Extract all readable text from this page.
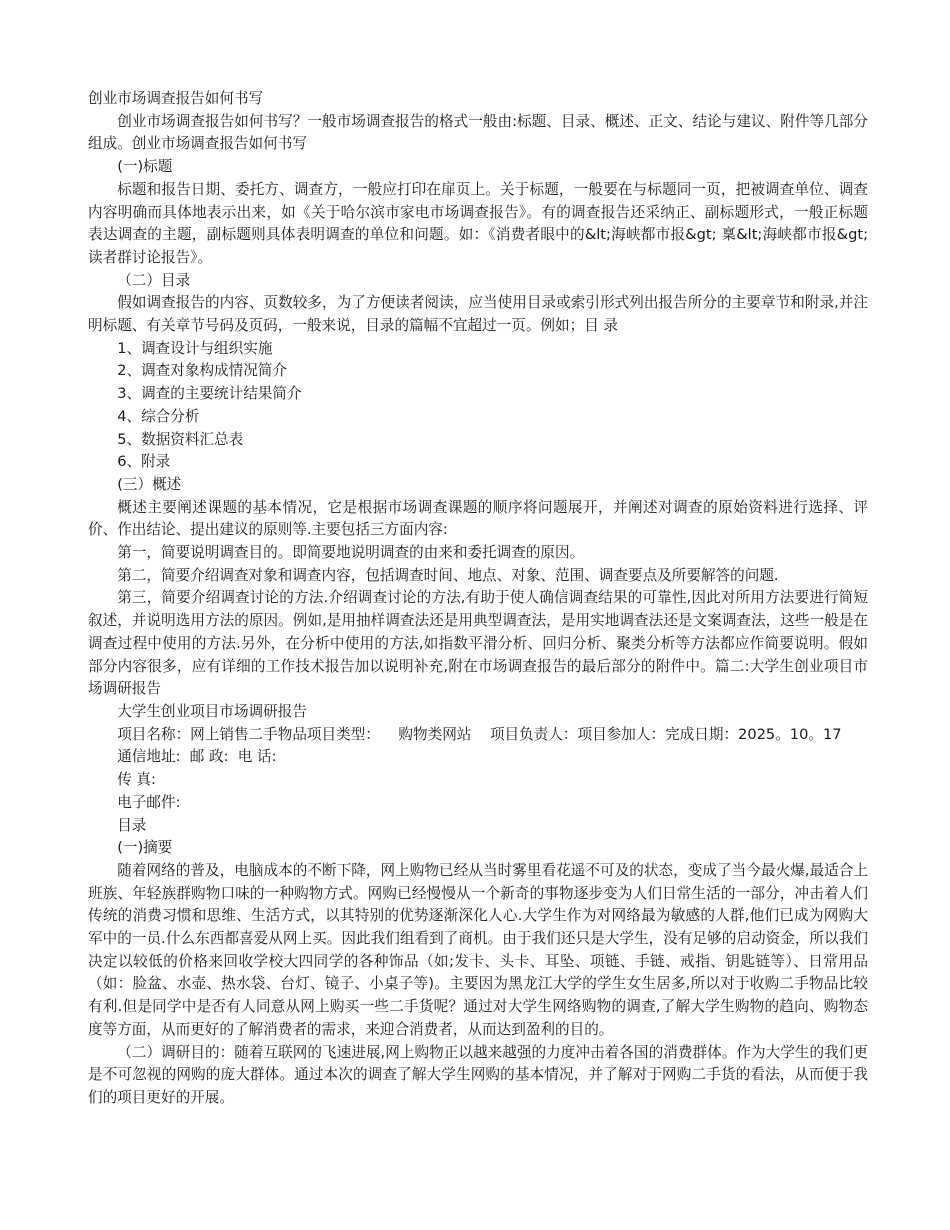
创业市场调查报告如何书写

创业市场调查报告如何书写？一般市场调查报告的格式一般由:标题、目录、概述、正文、结论与建议、附件等几部分组成。创业市场调查报告如何书写

(一)标题

标题和报告日期、委托方、调查方，一般应打印在扉页上。关于标题，一般要在与标题同一页，把被调查单位、调查内容明确而具体地表示出来，如《关于哈尔滨市家电市场调查报告》。有的调查报告还采纳正、副标题形式，一般正标题表达调查的主题，副标题则具体表明调查的单位和问题。如：《消费者眼中的&lt;海峡都市报&gt; 稟&lt;海峡都市报&gt;读者群讨论报告》。

（二）目录

假如调查报告的内容、页数较多，为了方便读者阅读，应当使用目录或索引形式列出报告所分的主要章节和附录,并注明标题、有关章节号码及页码，一般来说，目录的篇幅不宜超过一页。例如；目 录

1、调查设计与组织实施

2、调查对象构成情况简介

3、调查的主要统计结果简介

4、综合分析

5、数据资料汇总表

6、附录

(三）概述

概述主要阐述课题的基本情况，它是根据市场调查课题的顺序将问题展开，并阐述对调查的原始资料进行选择、评价、作出结论、提出建议的原则等.主要包括三方面内容:

第一，简要说明调查目的。即简要地说明调查的由来和委托调查的原因。

第二，简要介绍调查对象和调查内容，包括调查时间、地点、对象、范围、调查要点及所要解答的问题.

第三，简要介绍调查讨论的方法.介绍调查讨论的方法,有助于使人确信调查结果的可靠性,因此对所用方法要进行简短叙述，并说明选用方法的原因。例如,是用抽样调查法还是用典型调查法，是用实地调查法还是文案调查法，这些一般是在调查过程中使用的方法.另外，在分析中使用的方法,如指数平滑分析、回归分析、聚类分析等方法都应作简要说明。假如部分内容很多，应有详细的工作技术报告加以说明补充,附在市场调查报告的最后部分的附件中。篇二:大学生创业项目市场调研报告

大学生创业项目市场调研报告

项目名称：网上销售二手物品项目类型：    购物类网站    项目负责人：项目参加人：完成日期：2025。10。17

通信地址:  邮 政:  电 话:

传 真:

电子邮件:

目录

(一)摘要

随着网络的普及，电脑成本的不断下降，网上购物已经从当时雾里看花遥不可及的状态，变成了当今最火爆,最适合上班族、年轻族群购物口味的一种购物方式。网购已经慢慢从一个新奇的事物逐步变为人们日常生活的一部分，冲击着人们传统的消费习惯和思维、生活方式，以其特别的优势逐渐深化人心.大学生作为对网络最为敏感的人群,他们已成为网购大军中的一员.什么东西都喜爱从网上买。因此我们组看到了商机。由于我们还只是大学生，没有足够的启动资金，所以我们决定以较低的价格来回收学校大四同学的各种饰品（如;发卡、头卡、耳坠、项链、手链、戒指、钥匙链等）、日常用品（如：脸盆、水壶、热水袋、台灯、镜子、小桌子等)。主要因为黑龙江大学的学生女生居多,所以对于收购二手物品比较有利.但是同学中是否有人同意从网上购买一些二手货呢？通过对大学生网络购物的调查,了解大学生购物的趋向、购物态度等方面，从而更好的了解消费者的需求，来迎合消费者，从而达到盈利的目的。

（二）调研目的：随着互联网的飞速进展,网上购物正以越来越强的力度冲击着各国的消费群体。作为大学生的我们更是不可忽视的网购的庞大群体。通过本次的调查了解大学生网购的基本情况，并了解对于网购二手货的看法，从而便于我们的项目更好的开展。
